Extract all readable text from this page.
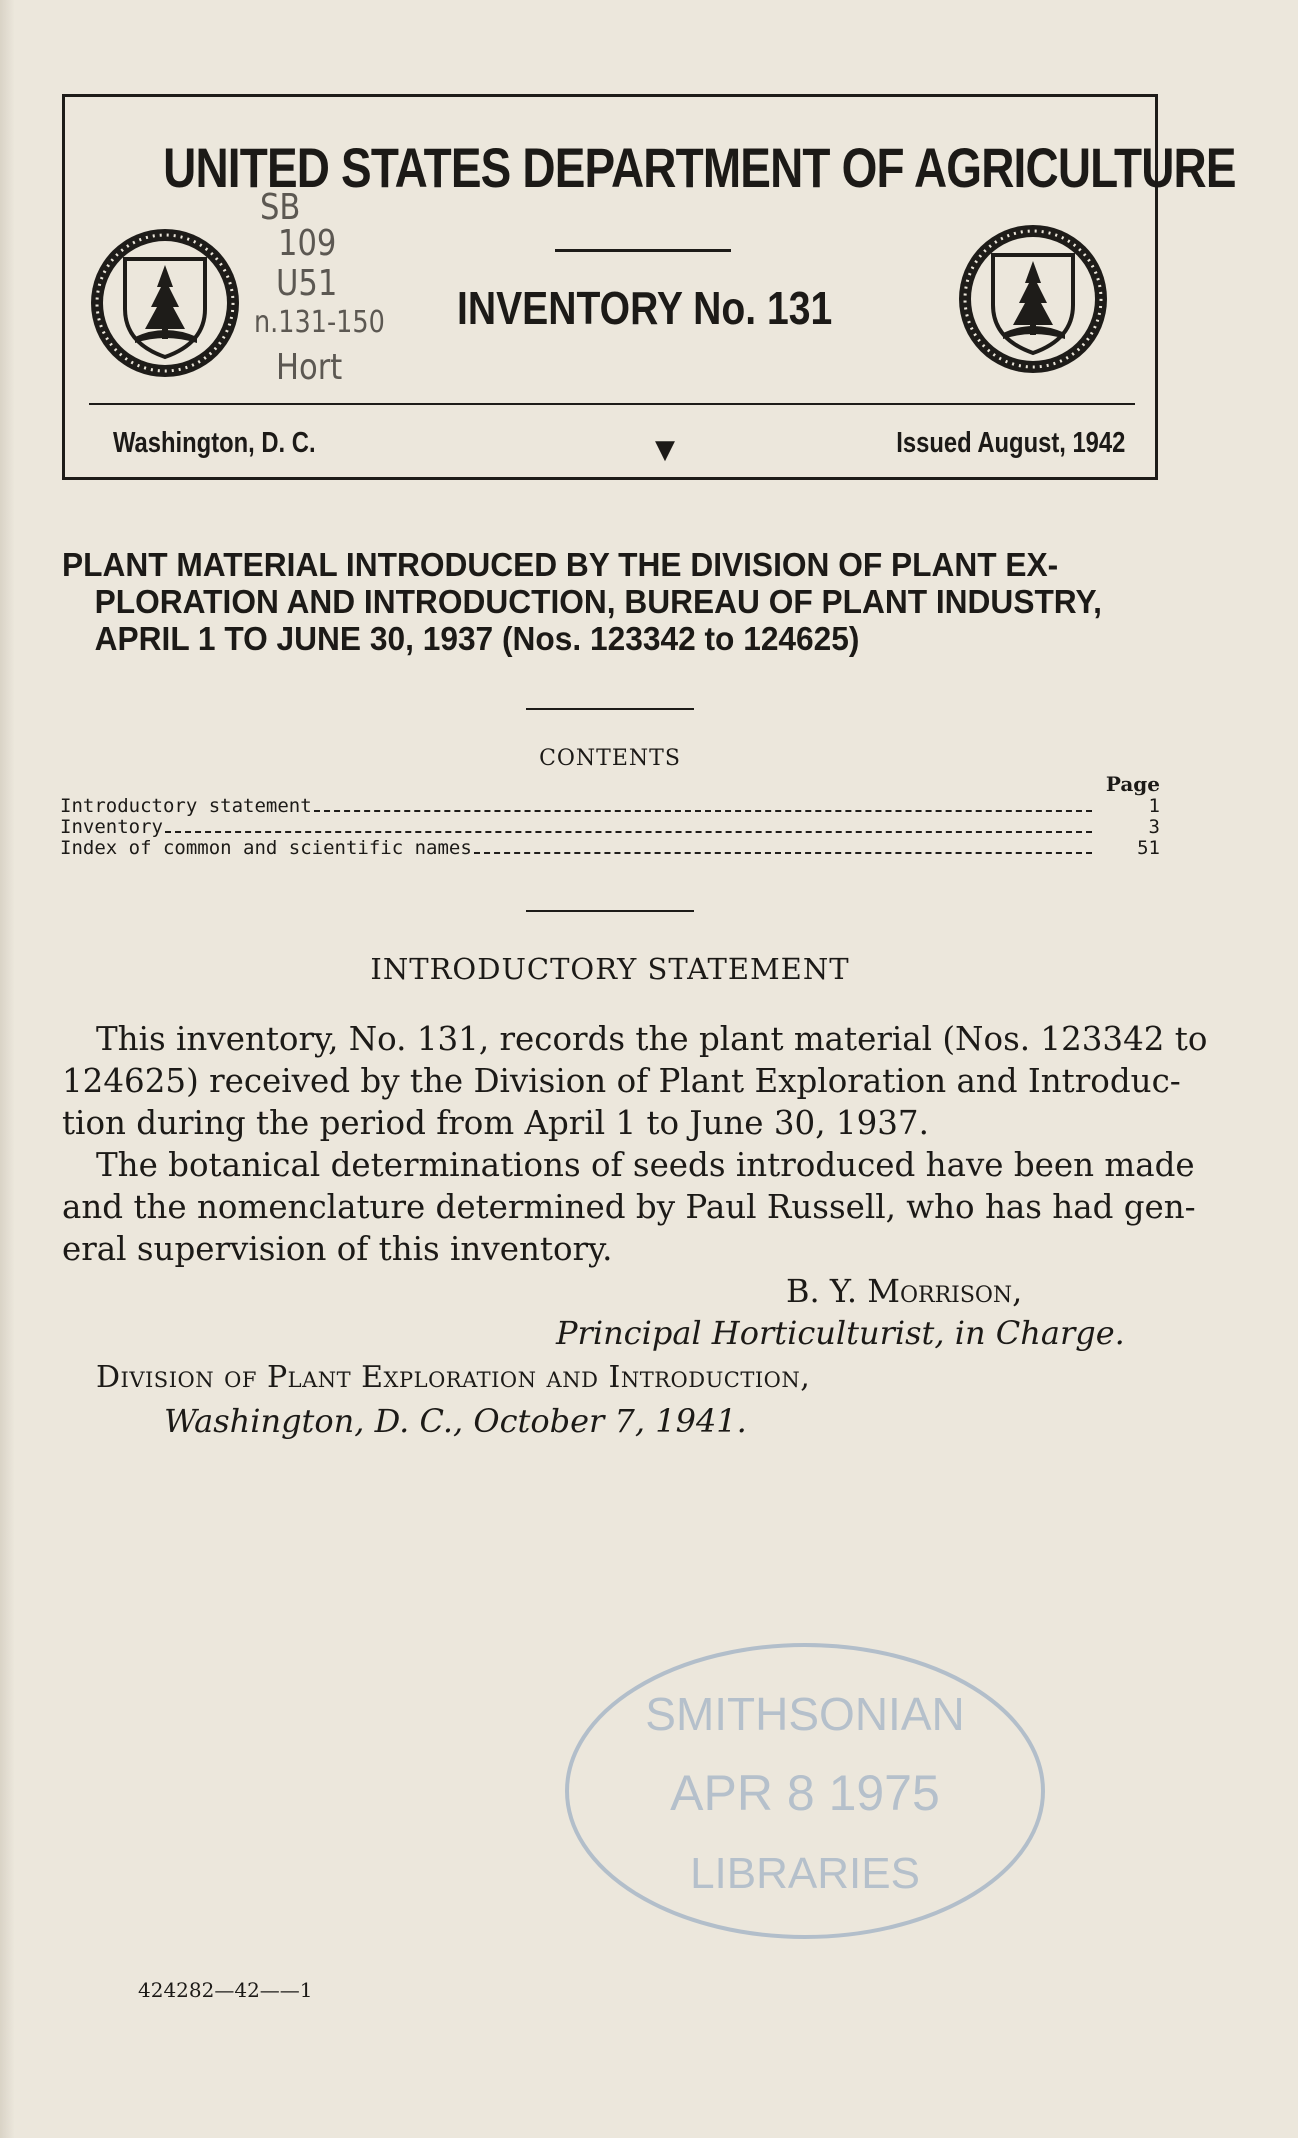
UNITED STATES DEPARTMENT OF AGRICULTURE
INVENTORY No. 131
Washington, D. C.	▼	Issued August, 1942
SB
109
U51
n.131-150
Hort
PLANT MATERIAL INTRODUCED BY THE DIVISION OF PLANT EX-
PLORATION AND INTRODUCTION, BUREAU OF PLANT INDUSTRY,
APRIL 1 TO JUNE 30, 1937 (Nos. 123342 to 124625)
CONTENTS
Page
Introductory statement	1
Inventory	3
Index of common and scientific names	51
INTRODUCTORY STATEMENT
This inventory, No. 131, records the plant material (Nos. 123342 to
124625) received by the Division of Plant Exploration and Introduc-
tion during the period from April 1 to June 30, 1937.
The botanical determinations of seeds introduced have been made
and the nomenclature determined by Paul Russell, who has had gen-
eral supervision of this inventory.
B. Y. Morrison,
Principal Horticulturist, in Charge.
Division of Plant Exploration and Introduction,
Washington, D. C., October 7, 1941.
SMITHSONIAN
APR 8 1975
LIBRARIES
424282—42——1
